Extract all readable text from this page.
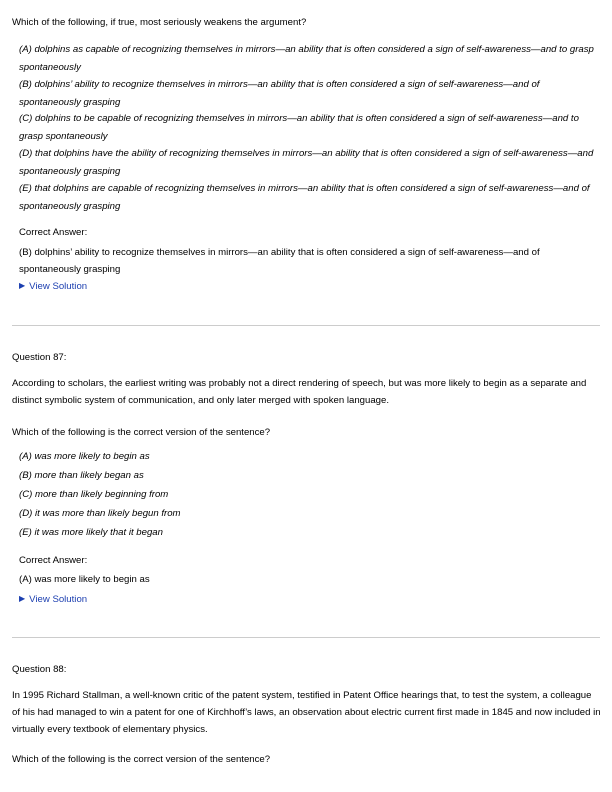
Which of the following, if true, most seriously weakens the argument?

(A) dolphins as capable of recognizing themselves in mirrors—an ability that is often considered a sign of self-awareness—and to grasp spontaneously

(B) dolphins’ ability to recognize themselves in mirrors—an ability that is often considered a sign of self-awareness—and of spontaneously grasping

(C) dolphins to be capable of recognizing themselves in mirrors—an ability that is often considered a sign of self-awareness—and to grasp spontaneously

(D) that dolphins have the ability of recognizing themselves in mirrors—an ability that is often considered a sign of self-awareness—and spontaneously grasping

(E) that dolphins are capable of recognizing themselves in mirrors—an ability that is often considered a sign of self-awareness—and of spontaneously grasping

Correct Answer:

(B) dolphins’ ability to recognize themselves in mirrors—an ability that is often considered a sign of self-awareness—and of spontaneously grasping

▶ View Solution

Question 87:

According to scholars, the earliest writing was probably not a direct rendering of speech, but was more likely to begin as a separate and distinct symbolic system of communication, and only later merged with spoken language.

Which of the following is the correct version of the sentence?

(A) was more likely to begin as

(B) more than likely began as

(C) more than likely beginning from

(D) it was more than likely begun from

(E) it was more likely that it began

Correct Answer:

(A) was more likely to begin as

▶ View Solution

Question 88:

In 1995 Richard Stallman, a well-known critic of the patent system, testified in Patent Office hearings that, to test the system, a colleague of his had managed to win a patent for one of Kirchhoff’s laws, an observation about electric current first made in 1845 and now included in virtually every textbook of elementary physics.

Which of the following is the correct version of the sentence?
